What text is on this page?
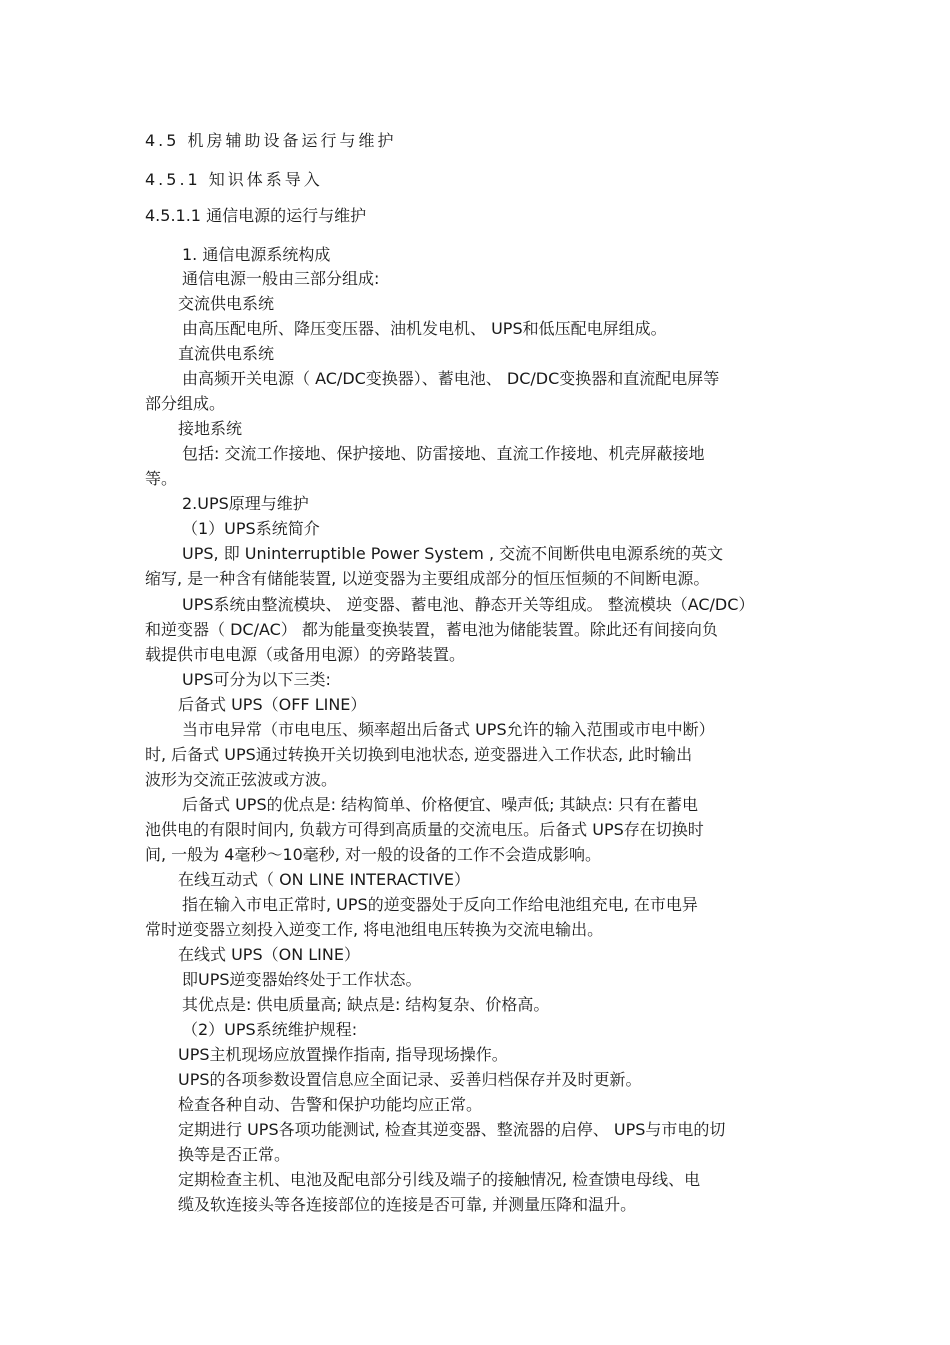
4.5 机房辅助设备运行与维护
4.5.1 知识体系导入
4.5.1.1 通信电源的运行与维护
1. 通信电源系统构成
通信电源一般由三部分组成:
交流供电系统
由高压配电所、降压变压器、油机发电机、 UPS和低压配电屏组成。
直流供电系统
由高频开关电源（ AC/DC变换器）、蓄电池、 DC/DC变换器和直流配电屏等
部分组成。
接地系统
包括: 交流工作接地、保护接地、防雷接地、直流工作接地、机壳屏蔽接地
等。
2.UPS原理与维护
（1）UPS系统简介
UPS, 即 Uninterruptible Power System , 交流不间断供电电源系统的英文
缩写, 是一种含有储能装置, 以逆变器为主要组成部分的恒压恒频的不间断电源。
UPS系统由整流模块、 逆变器、蓄电池、静态开关等组成。 整流模块（AC/DC）
和逆变器（ DC/AC） 都为能量变换装置，蓄电池为储能装置。除此还有间接向负
载提供市电电源（或备用电源）的旁路装置。
UPS可分为以下三类:
后备式 UPS（OFF LINE）
当市电异常（市电电压、频率超出后备式 UPS允许的输入范围或市电中断）
时, 后备式 UPS通过转换开关切换到电池状态, 逆变器进入工作状态, 此时输出
波形为交流正弦波或方波。
后备式 UPS的优点是: 结构简单、价格便宜、噪声低; 其缺点: 只有在蓄电
池供电的有限时间内, 负载方可得到高质量的交流电压。后备式 UPS存在切换时
间, 一般为 4毫秒～10毫秒, 对一般的设备的工作不会造成影响。
在线互动式（ ON LINE INTERACTIVE）
指在输入市电正常时, UPS的逆变器处于反向工作给电池组充电, 在市电异
常时逆变器立刻投入逆变工作, 将电池组电压转换为交流电输出。
在线式 UPS（ON LINE）
即UPS逆变器始终处于工作状态。
其优点是: 供电质量高; 缺点是: 结构复杂、价格高。
（2）UPS系统维护规程:
UPS主机现场应放置操作指南, 指导现场操作。
UPS的各项参数设置信息应全面记录、妥善归档保存并及时更新。
检查各种自动、告警和保护功能均应正常。
定期进行 UPS各项功能测试, 检查其逆变器、整流器的启停、 UPS与市电的切
换等是否正常。
定期检查主机、电池及配电部分引线及端子的接触情况, 检查馈电母线、电
缆及软连接头等各连接部位的连接是否可靠, 并测量压降和温升。
